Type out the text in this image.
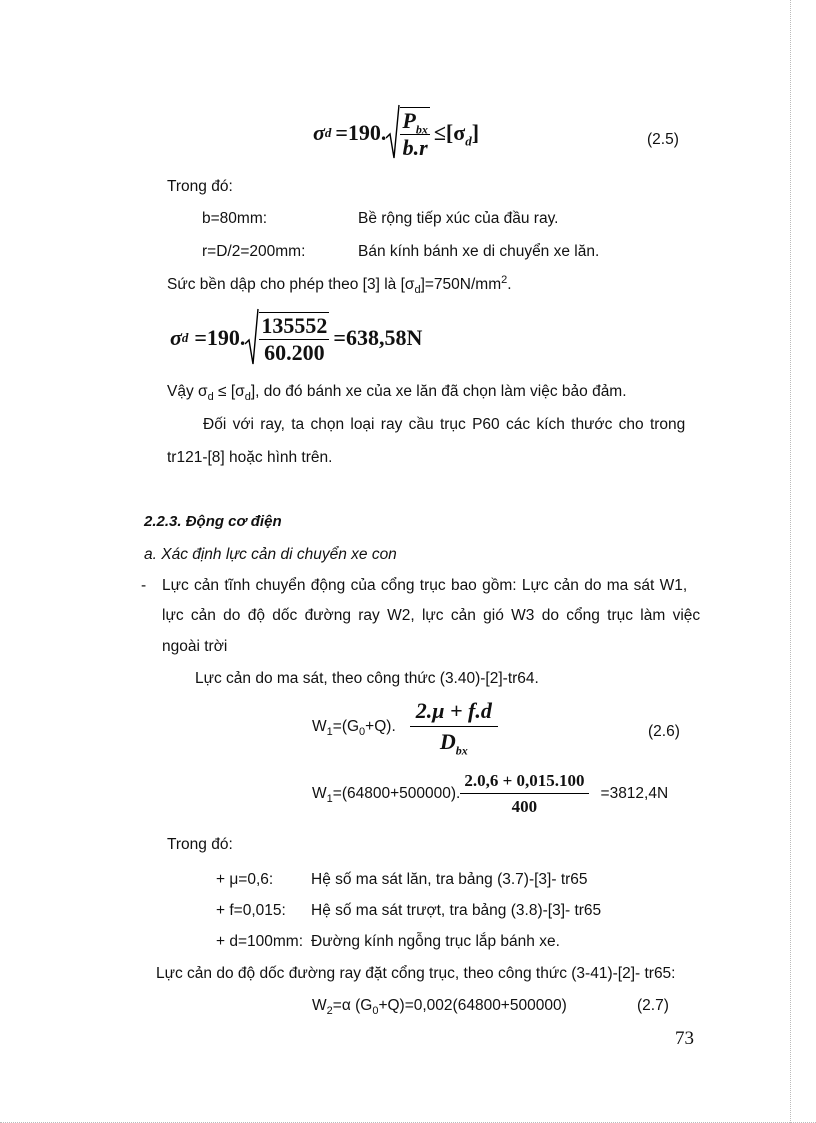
σ d =190. $\frac{P_{bx}}{b.r} \le[\sigma_d]$	(2.5)
Trong đó:
b=80mm:	Bề rộng tiếp xúc của đầu ray.
r=D/2=200mm:	Bán kính bánh xe di chuyển xe lăn.
Sức bền dập cho phép theo [3] là $[\sigma_d]=750N/mm^2$.
σ d =190. $\frac{135552}{60.200} =638,58N$
Vậy $\sigma_d \le [\sigma_d]$, do đó bánh xe của xe lăn đã chọn làm việc bảo đảm.
Đối với ray, ta chọn loại ray cầu trục P60 các kích thước cho trong
tr121-[8] hoặc hình trên.
2.2.3. Động cơ điện
a. Xác định lực cản di chuyển xe con
- Lực cản tĩnh chuyển động của cổng trục bao gồm: Lực cản do ma sát W1,
lực cản do độ dốc đường ray W2, lực cản gió W3 do cổng trục làm việc
ngoài trời
Lực cản do ma sát, theo công thức (3.40)-[2]-tr64.
$W_1=(G_0+Q)$. $\frac{2.\mu + f.d}{D_{bx}}$	(2.6)
$W_1=(64800+500000)$. $\frac{2.0,6 + 0,015.100}{400} =3812,4N$
Trong đó:
+ μ=0,6: Hệ số ma sát lăn, tra bảng (3.7)-[3]- tr65
+ f=0,015: Hệ số ma sát trượt, tra bảng (3.8)-[3]- tr65
+ d=100mm: Đường kính ngỗng trục lắp bánh xe.
Lực cản do độ dốc đường ray đặt cổng trục, theo công thức (3-41)-[2]- tr65:
$W_2=\alpha$ $(G_0+Q)=0,002(64800+500000)$	(2.7)
73
